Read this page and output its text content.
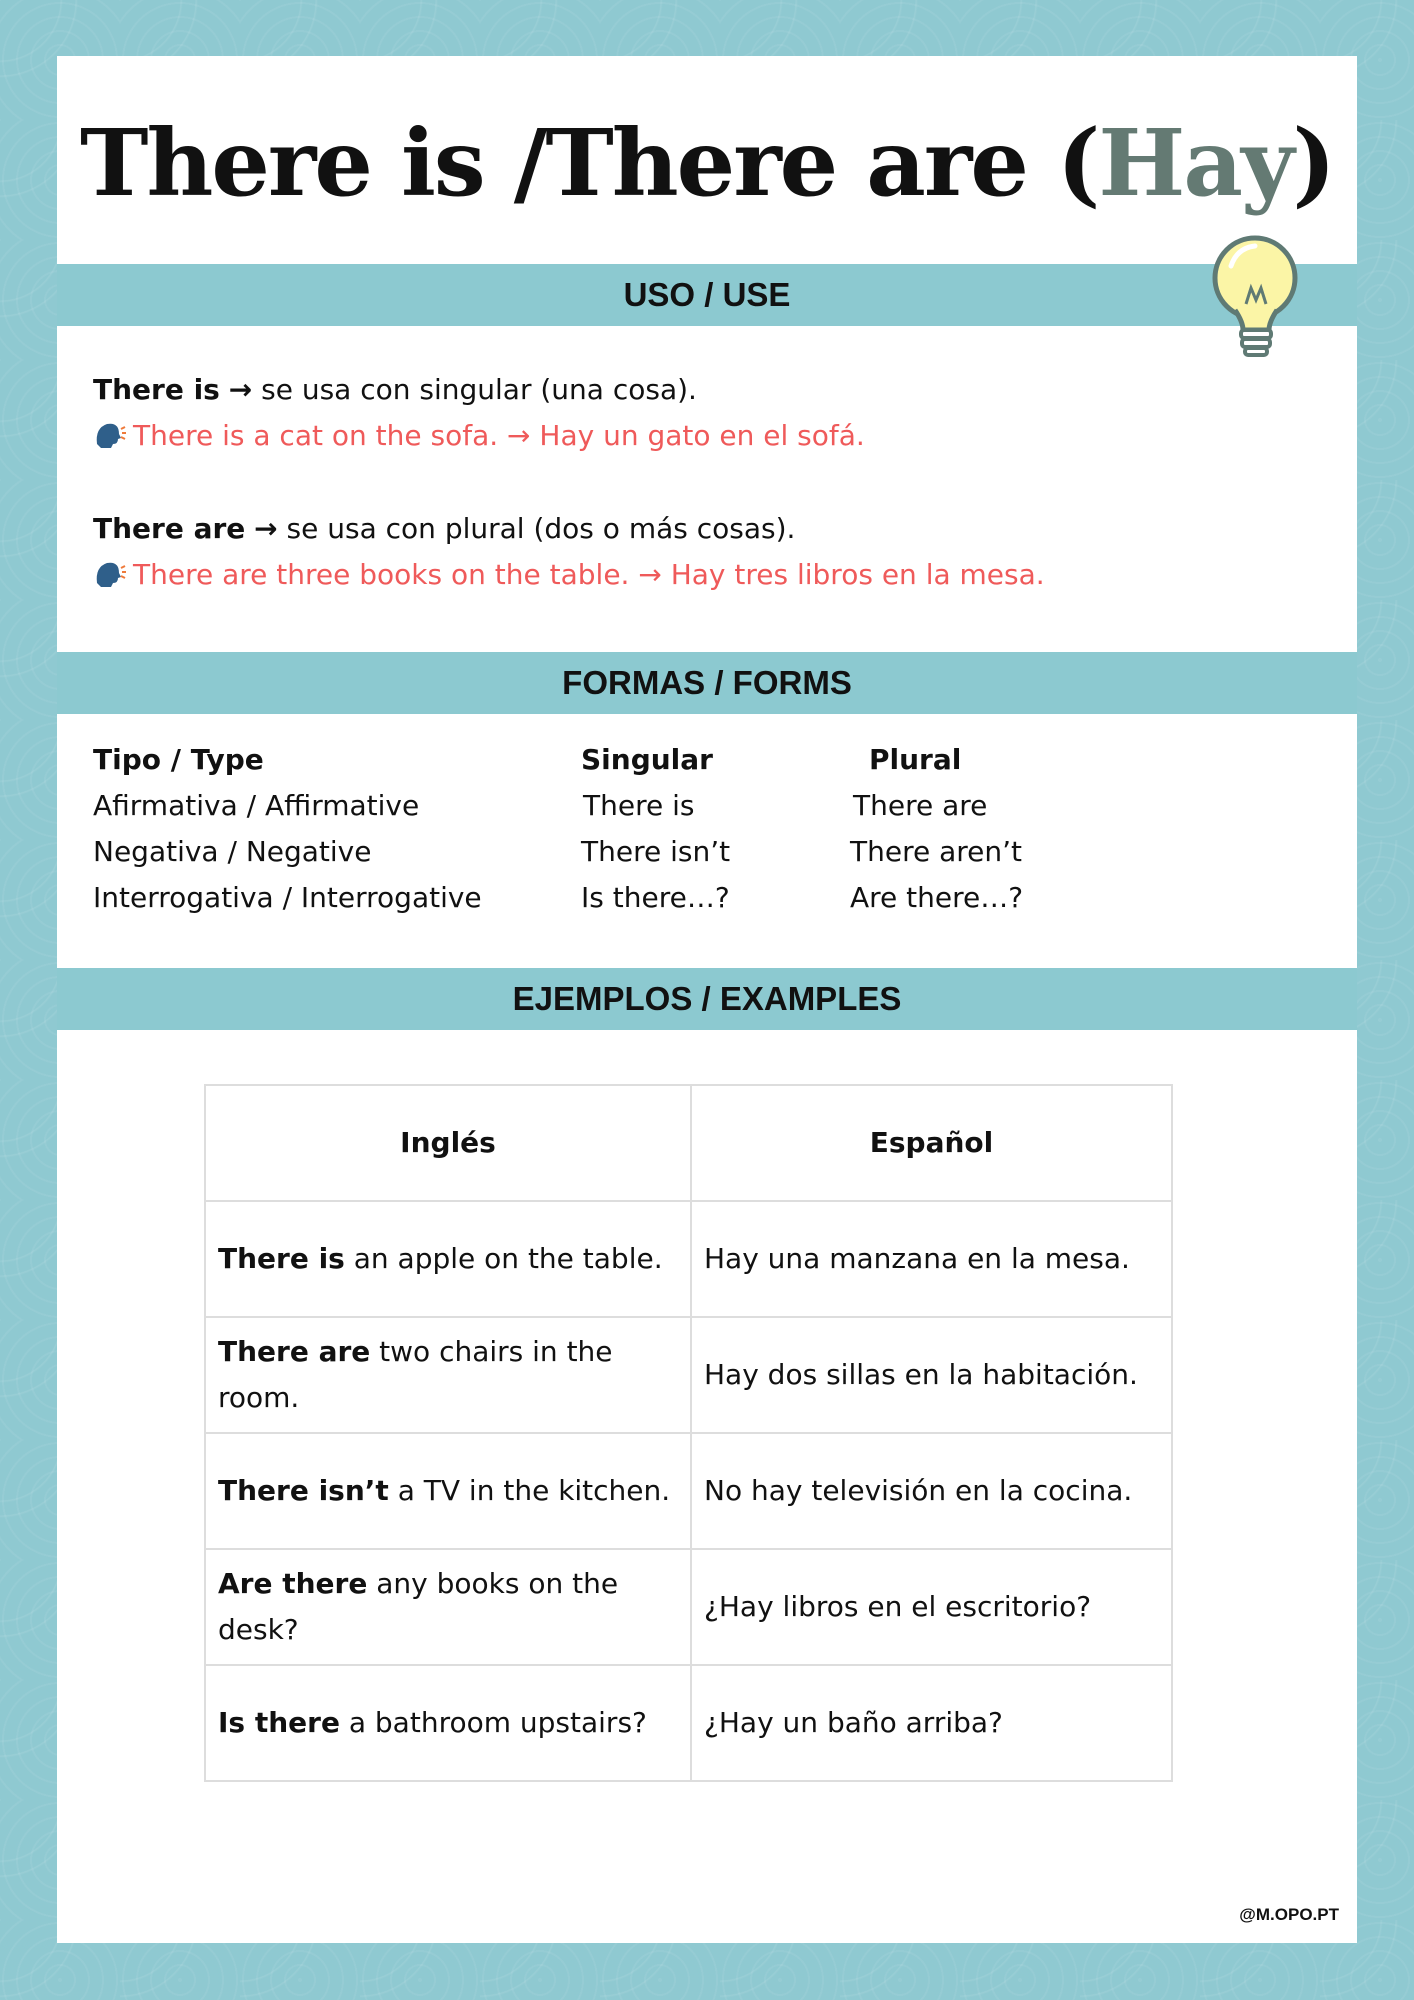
There is /There are (Hay)
USO / USE
There is → se usa con singular (una cosa).
There is a cat on the sofa. → Hay un gato en el sofá.
There are → se usa con plural (dos o más cosas).
There are three books on the table. → Hay tres libros en la mesa.
FORMAS / FORMS
Tipo / Type	Singular	Plural
Afirmativa / Affirmative	There is	There are
Negativa / Negative	There isn’t	There aren’t
Interrogativa / Interrogative	Is there…?	Are there…?
EJEMPLOS / EXAMPLES
Inglés	Español
There is an apple on the table.	Hay una manzana en la mesa.
There are two chairs in the room.	Hay dos sillas en la habitación.
There isn’t a TV in the kitchen.	No hay televisión en la cocina.
Are there any books on the desk?	¿Hay libros en el escritorio?
Is there a bathroom upstairs?	¿Hay un baño arriba?
@M.OPO.PT
